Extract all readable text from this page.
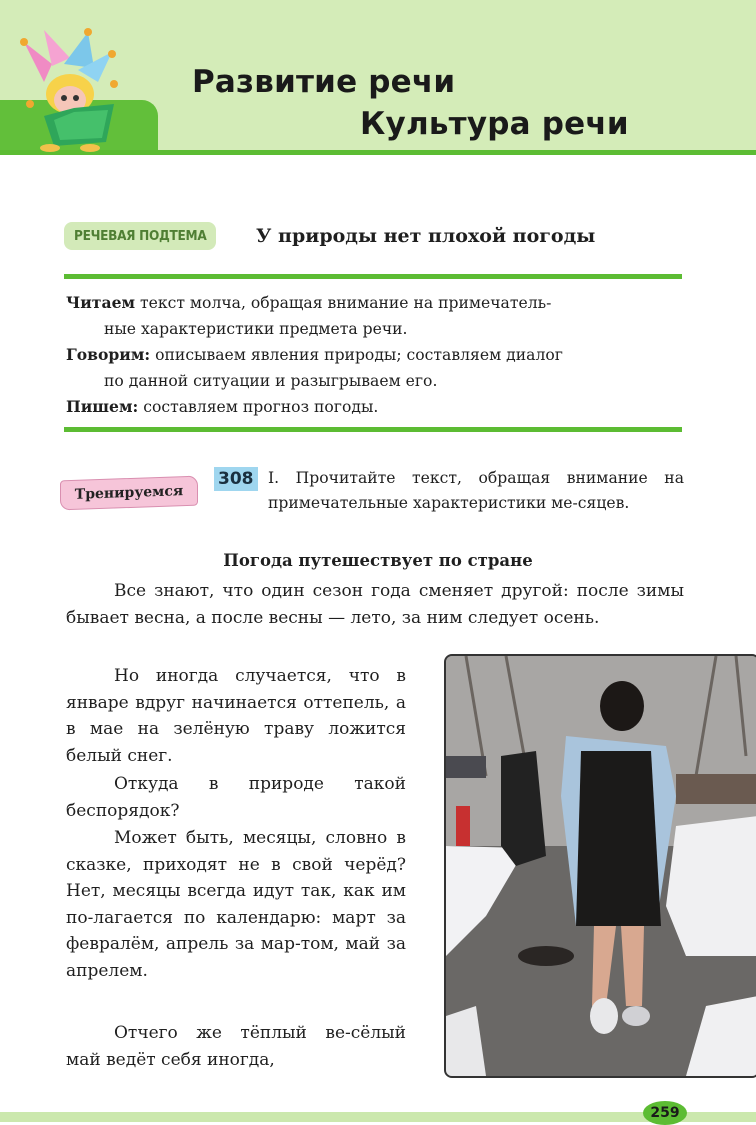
Развитие речи
Культура речи
РЕЧЕВАЯ ПОДТЕМА	У природы нет плохой погоды
Читаем текст молча, обращая внимание на примечатель-
ные характеристики предмета речи.
Говорим: описываем явления природы; составляем диалог
по данной ситуации и разыгрываем его.
Пишем: составляем прогноз погоды.
Тренируемся
308 I. Прочитайте текст, обращая внимание на примечательные характеристики ме-сяцев.
Погода путешествует по стране
Все знают, что один сезон года сменяет другой: после зимы бывает весна, а после весны — лето, за ним следует осень.
Но иногда случается, что в январе вдруг начинается оттепель, а в мае на зелёную траву ложится белый снег.
Откуда в природе такой беспорядок?
Может быть, месяцы, словно в сказке, приходят не в свой черёд? Нет, месяцы всегда идут так, как им по-лагается по календарю: март за февралём, апрель за мар-том, май за апрелем.
Отчего же тёплый ве-сёлый май ведёт себя иногда,
259
